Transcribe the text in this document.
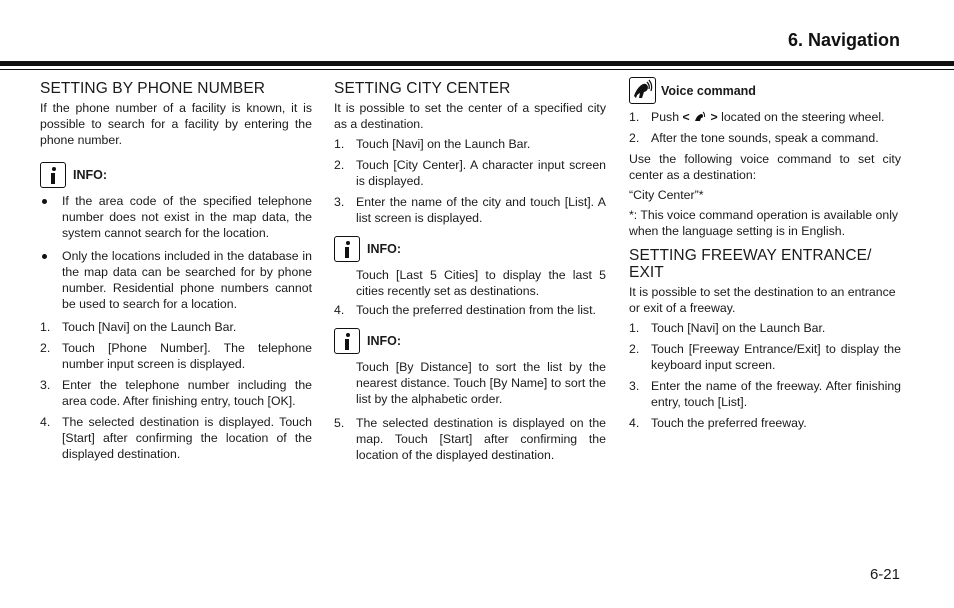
6. Navigation
SETTING BY PHONE NUMBER

If the phone number of a facility is known, it is possible to search for a facility by entering the phone number.

INFO:
If the area code of the specified telephone number does not exist in the map data, the system cannot search for the location.
Only the locations included in the database in the map data can be searched for by phone number. Residential phone numbers cannot be used to search for a location.
1. Touch [Navi] on the Launch Bar.
2. Touch [Phone Number]. The telephone number input screen is displayed.
3. Enter the telephone number including the area code. After finishing entry, touch [OK].
4. The selected destination is displayed. Touch [Start] after confirming the location of the displayed destination.
SETTING CITY CENTER

It is possible to set the center of a specified city as a destination.

1. Touch [Navi] on the Launch Bar.
2. Touch [City Center]. A character input screen is displayed.
3. Enter the name of the city and touch [List]. A list screen is displayed.
INFO:

Touch [Last 5 Cities] to display the last 5 cities recently set as destinations.

4. Touch the preferred destination from the list.
INFO:

Touch [By Distance] to sort the list by the nearest distance. Touch [By Name] to sort the list by the alphabetic order.

5. The selected destination is displayed on the map. Touch [Start] after confirming the location of the displayed destination.
Voice command
1. Push < > located on the steering wheel.
2. After the tone sounds, speak a command.

Use the following voice command to set city center as a destination:

“City Center”*

*: This voice command operation is available only when the language setting is in English.

SETTING FREEWAY ENTRANCE/ EXIT

It is possible to set the destination to an entrance or exit of a freeway.

1. Touch [Navi] on the Launch Bar.
2. Touch [Freeway Entrance/Exit] to display the keyboard input screen.
3. Enter the name of the freeway. After finishing entry, touch [List].
4. Touch the preferred freeway.
6-21
